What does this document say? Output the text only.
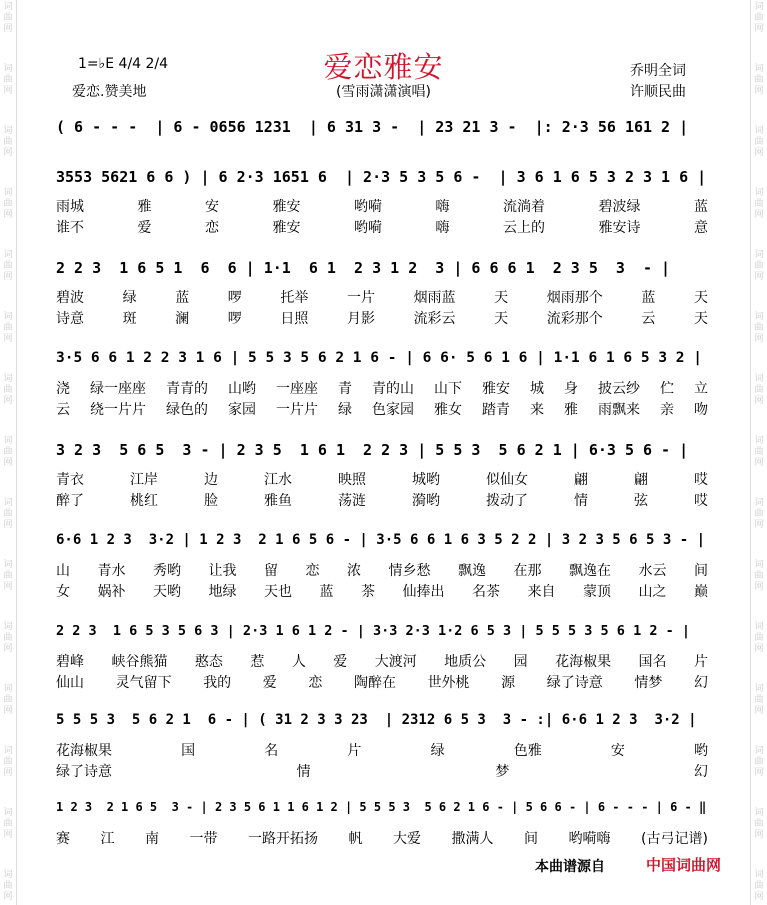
词
曲
网
词
曲
网
词
曲
网
词
曲
网
词
曲
网
词
曲
网
词
曲
网
词
曲
网
词
曲
网
词
曲
网
词
曲
网
词
曲
网
词
曲
网
词
曲
网
词
曲
网
词
曲
网
词
曲
网
词
曲
网
词
曲
网
词
曲
网
词
曲
网
词
曲
网
词
曲
网
词
曲
网
词
曲
网
词
曲
网
词
曲
网
词
曲
网
词
曲
网
词
曲
网
1=♭E 4/4 2/4
爱恋.赞美地
爱恋雅安
(雪雨潇潇演唱)
乔明全词
许顺民曲
( 6 - - -  | 6 - 0656 1231  | 6 31 3 -  | 23 21 3 -  |: 2·3 56 161 2 |
3553 5621 6 6 ) | 6 2·3 1651 6  | 2·3 5 3 5 6 -  | 3 6 1 6 5 3 2 3 1 6 |
雨城	雅	安	雅安	哟嗬	嗨	流淌着	碧波绿	蓝
谁不	爱	恋	雅安	哟嗬	嗨	云上的	雅安诗	意
2 2 3  1 6 5 1  6  6 | 1·1  6 1  2 3 1 2  3 | 6 6 6 1  2 3 5  3  - |
碧波	绿	蓝	啰	托举	一片	烟雨蓝	天	烟雨那个	蓝	天
诗意	斑	澜	啰	日照	月影	流彩云	天	流彩那个	云	天
3·5 6 6 1 2 2 3 1 6 | 5 5 3 5 6 2 1 6 - | 6 6· 5 6 1 6 | 1·1 6 1 6 5 3 2 |
浇 绿一座座 青青的 山哟 一座座 青 青的山 山下 雅安 城 身 披云纱 伫 立
云 绕一片片 绿色的 家园 一片片 绿 色家园 雅女 踏青 来 雅 雨飘来 亲 吻
3 2 3  5 6 5  3 - | 2 3 5  1 6 1  2 2 3 | 5 5 3  5 6 2 1 | 6·3 5 6 - |
青衣	江岸	边	江水	映照	城哟	似仙女	翩	翩	哎
醉了	桃红	脸	雅鱼	荡涟	漪哟	拨动了	情	弦	哎
6·6 1 2 3  3·2 | 1 2 3  2 1 6 5 6 - | 3·5 6 6 1 6 3 5 2 2 | 3 2 3 5 6 5 3 - |
山 青水 秀哟 让我 留 恋 浓 情乡愁 飘逸 在那 飘逸在 水云 间
女 娲补 天哟 地绿 天也 蓝 茶 仙捧出 名茶 来自 蒙顶 山之 巅
2 2 3  1 6 5 3 5 6 3 | 2·3 1 6 1 2 - | 3·3 2·3 1·2 6 5 3 | 5 5 5 3 5 6 1 2 - |
碧峰 峡谷熊猫 憨态 惹 人 爱 大渡河 地质公 园 花海椒果 国名 片
仙山 灵气留下 我的 爱 恋 陶醉在 世外桃 源 绿了诗意 情梦 幻
5 5 5 3  5 6 2 1  6 - | ( 31 2 3 3 23  | 2312 6 5 3  3 - :| 6·6 1 2 3  3·2 |
花海椒果	国	名	片	绿	色雅	安	哟
绿了诗意	情	梦	幻
1 2 3  2 1 6 5  3 - | 2 3 5 6 1 1 6 1 2 | 5 5 5 3  5 6 2 1 6 - | 5 6 6 - | 6 - - - | 6 - ‖
赛 江 南 一带 一路开拓扬 帆 大爱 撒满人 间 哟嗬嗨 (古弓记谱)
本曲谱源自	中国词曲网
